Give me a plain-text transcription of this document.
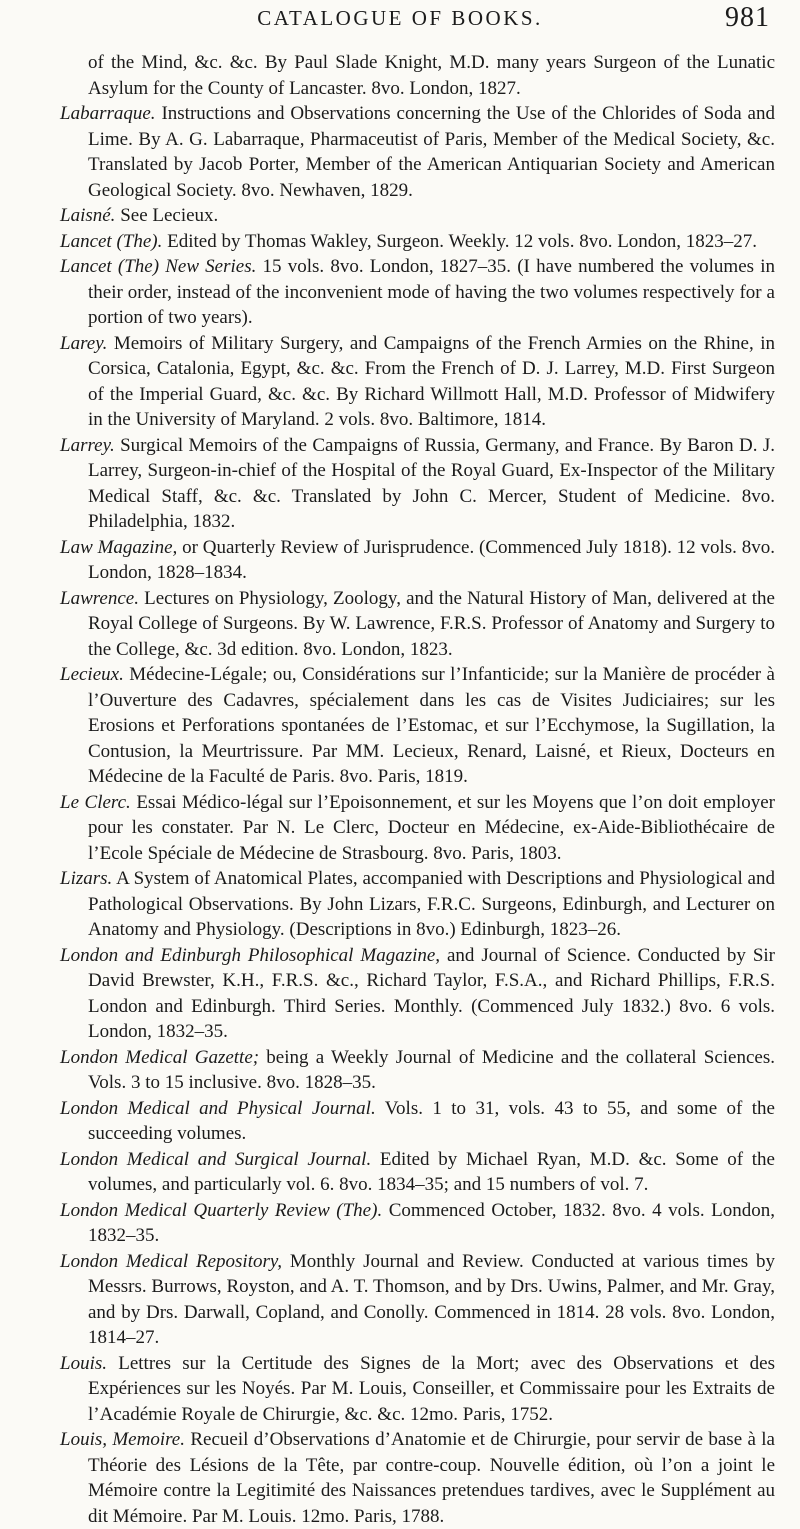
CATALOGUE OF BOOKS.	981

of the Mind, &c. &c. By Paul Slade Knight, M.D. many years Surgeon of the Lunatic Asylum for the County of Lancaster. 8vo. London, 1827.

Labarraque. Instructions and Observations concerning the Use of the Chlorides of Soda and Lime. By A. G. Labarraque, Pharmaceutist of Paris, Member of the Medical Society, &c. Translated by Jacob Porter, Member of the American Antiquarian Society and American Geological Society. 8vo. Newhaven, 1829.

Laisné. See Lecieux.

Lancet (The). Edited by Thomas Wakley, Surgeon. Weekly. 12 vols. 8vo. London, 1823–27.

Lancet (The) New Series. 15 vols. 8vo. London, 1827–35. (I have numbered the volumes in their order, instead of the inconvenient mode of having the two volumes respectively for a portion of two years).

Larey. Memoirs of Military Surgery, and Campaigns of the French Armies on the Rhine, in Corsica, Catalonia, Egypt, &c. &c. From the French of D. J. Larrey, M.D. First Surgeon of the Imperial Guard, &c. &c. By Richard Willmott Hall, M.D. Professor of Midwifery in the University of Maryland. 2 vols. 8vo. Baltimore, 1814.

Larrey. Surgical Memoirs of the Campaigns of Russia, Germany, and France. By Baron D. J. Larrey, Surgeon-in-chief of the Hospital of the Royal Guard, Ex-Inspector of the Military Medical Staff, &c. &c. Translated by John C. Mercer, Student of Medicine. 8vo. Philadelphia, 1832.

Law Magazine, or Quarterly Review of Jurisprudence. (Commenced July 1818). 12 vols. 8vo. London, 1828–1834.

Lawrence. Lectures on Physiology, Zoology, and the Natural History of Man, delivered at the Royal College of Surgeons. By W. Lawrence, F.R.S. Professor of Anatomy and Surgery to the College, &c. 3d edition. 8vo. London, 1823.

Lecieux. Médecine-Légale; ou, Considérations sur l’Infanticide; sur la Manière de procéder à l’Ouverture des Cadavres, spécialement dans les cas de Visites Judiciaires; sur les Erosions et Perforations spontanées de l’Estomac, et sur l’Ecchymose, la Sugillation, la Contusion, la Meurtrissure. Par MM. Lecieux, Renard, Laisné, et Rieux, Docteurs en Médecine de la Faculté de Paris. 8vo. Paris, 1819.

Le Clerc. Essai Médico-légal sur l’Epoisonnement, et sur les Moyens que l’on doit employer pour les constater. Par N. Le Clerc, Docteur en Médecine, ex-Aide-Bibliothécaire de l’Ecole Spéciale de Médecine de Strasbourg. 8vo. Paris, 1803.

Lizars. A System of Anatomical Plates, accompanied with Descriptions and Physiological and Pathological Observations. By John Lizars, F.R.C. Surgeons, Edinburgh, and Lecturer on Anatomy and Physiology. (Descriptions in 8vo.) Edinburgh, 1823–26.

London and Edinburgh Philosophical Magazine, and Journal of Science. Conducted by Sir David Brewster, K.H., F.R.S. &c., Richard Taylor, F.S.A., and Richard Phillips, F.R.S. London and Edinburgh. Third Series. Monthly. (Commenced July 1832.) 8vo. 6 vols. London, 1832–35.

London Medical Gazette; being a Weekly Journal of Medicine and the collateral Sciences. Vols. 3 to 15 inclusive. 8vo. 1828–35.

London Medical and Physical Journal. Vols. 1 to 31, vols. 43 to 55, and some of the succeeding volumes.

London Medical and Surgical Journal. Edited by Michael Ryan, M.D. &c. Some of the volumes, and particularly vol. 6. 8vo. 1834–35; and 15 numbers of vol. 7.

London Medical Quarterly Review (The). Commenced October, 1832. 8vo. 4 vols. London, 1832–35.

London Medical Repository, Monthly Journal and Review. Conducted at various times by Messrs. Burrows, Royston, and A. T. Thomson, and by Drs. Uwins, Palmer, and Mr. Gray, and by Drs. Darwall, Copland, and Conolly. Commenced in 1814. 28 vols. 8vo. London, 1814–27.

Louis. Lettres sur la Certitude des Signes de la Mort; avec des Observations et des Expériences sur les Noyés. Par M. Louis, Conseiller, et Commissaire pour les Extraits de l’Académie Royale de Chirurgie, &c. &c. 12mo. Paris, 1752.

Louis, Memoire. Recueil d’Observations d’Anatomie et de Chirurgie, pour servir de base à la Théorie des Lésions de la Tête, par contre-coup. Nouvelle édition, où l’on a joint le Mémoire contre la Legitimité des Naissances pretendues tardives, avec le Supplément au dit Mémoire. Par M. Louis. 12mo. Paris, 1788.
